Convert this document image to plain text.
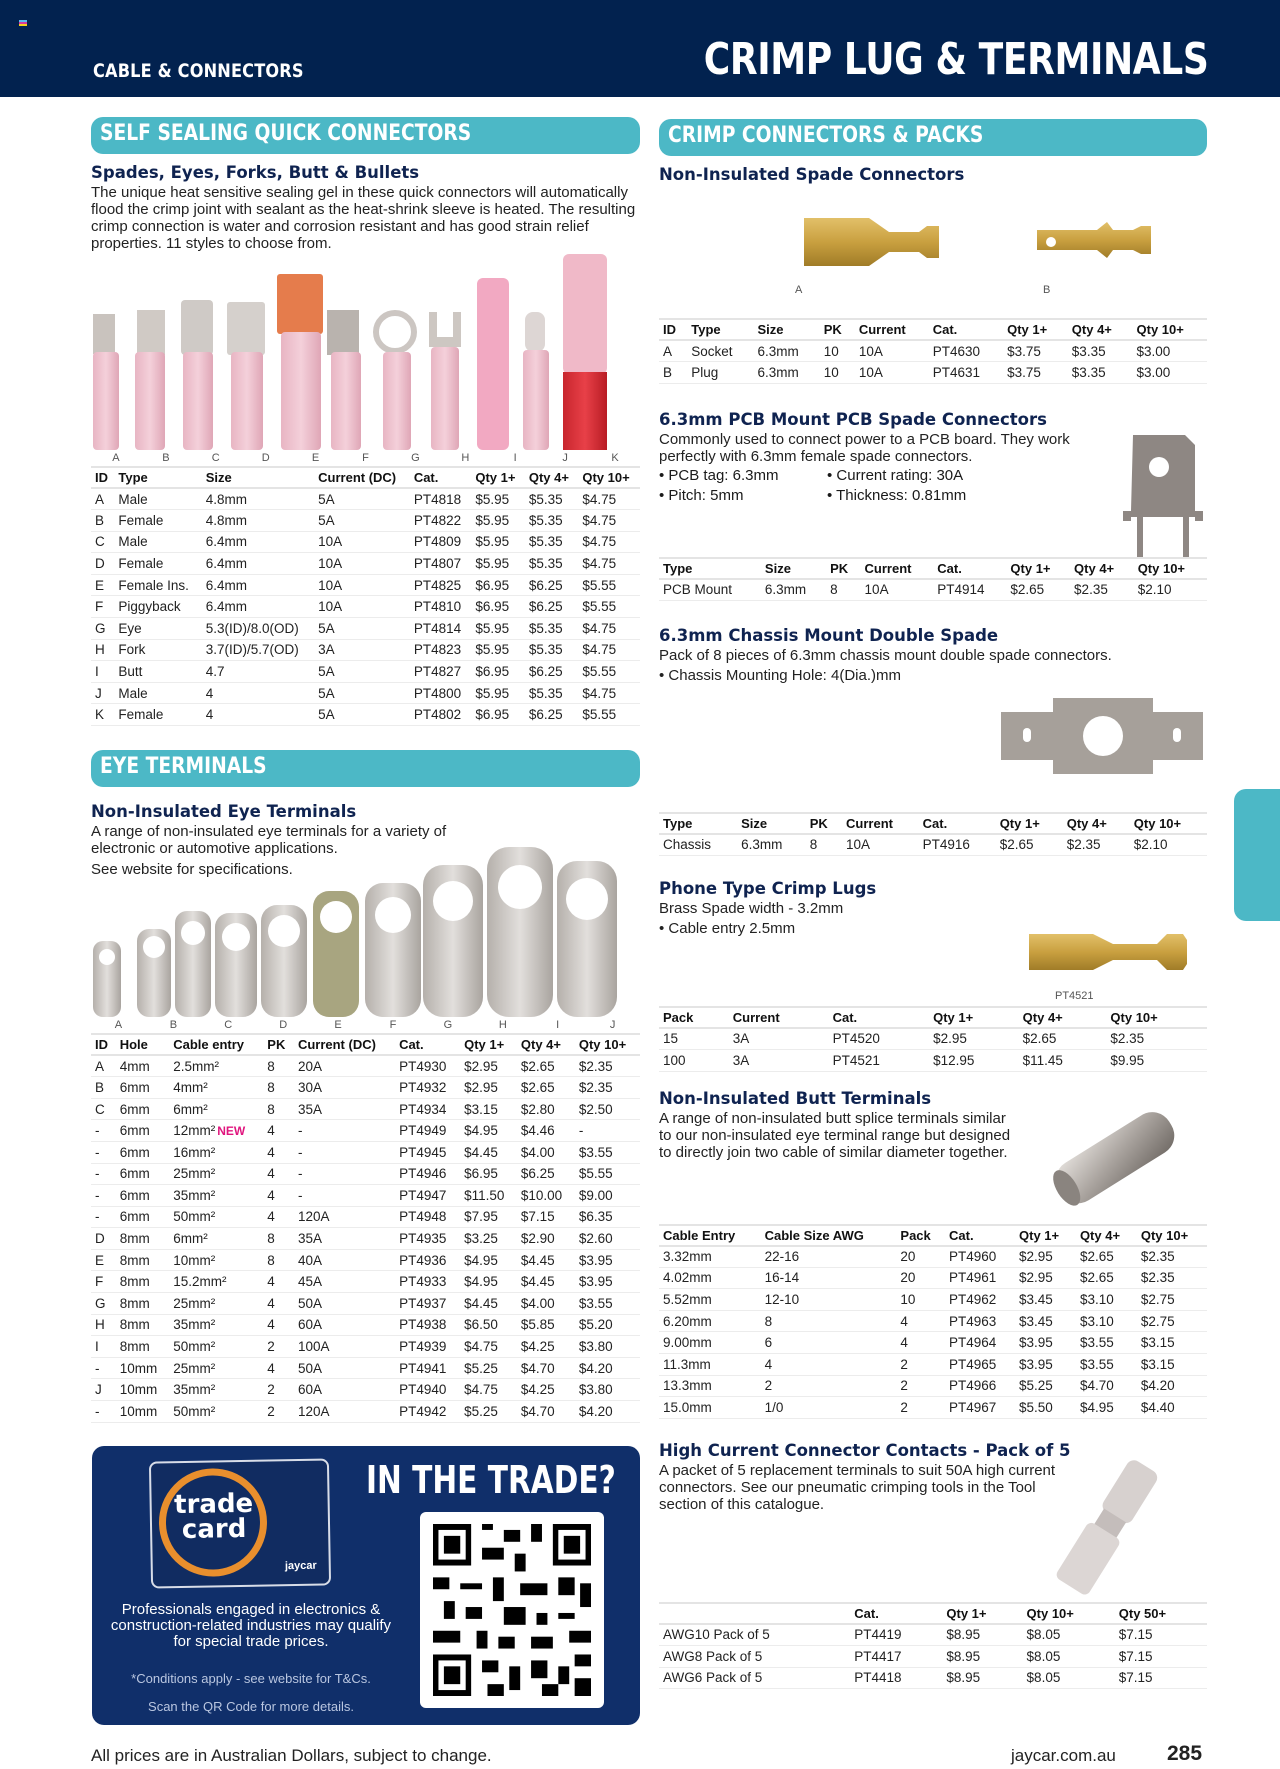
CABLE & CONNECTORS	CRIMP LUG & TERMINALS
SELF SEALING QUICK CONNECTORS
Spades, Eyes, Forks, Butt & Bullets

The unique heat sensitive sealing gel in these quick connectors will automatically flood the crimp joint with sealant as the heat-shrink sleeve is heated. The resulting crimp connection is water and corrosion resistant and has good strain relief properties. 11 styles to choose from.

A	B	C	D	E	F	G	H	I	J	K
ID	Type	Size	Current (DC)	Cat.	Qty 1+	Qty 4+	Qty 10+
A	Male	4.8mm	5A	PT4818	$5.95	$5.35	$4.75
B	Female	4.8mm	5A	PT4822	$5.95	$5.35	$4.75
C	Male	6.4mm	10A	PT4809	$5.95	$5.35	$4.75
D	Female	6.4mm	10A	PT4807	$5.95	$5.35	$4.75
E	Female Ins.	6.4mm	10A	PT4825	$6.95	$6.25	$5.55
F	Piggyback	6.4mm	10A	PT4810	$6.95	$6.25	$5.55
G	Eye	5.3(ID)/8.0(OD)	5A	PT4814	$5.95	$5.35	$4.75
H	Fork	3.7(ID)/5.7(OD)	3A	PT4823	$5.95	$5.35	$4.75
I	Butt	4.7	5A	PT4827	$6.95	$6.25	$5.55
J	Male	4	5A	PT4800	$5.95	$5.35	$4.75
K	Female	4	5A	PT4802	$6.95	$6.25	$5.55
EYE TERMINALS
Non-Insulated Eye Terminals

A range of non-insulated eye terminals for a variety of electronic or automotive applications.

See website for specifications.

A	B	C	D	E	F	G	H	I	J
ID	Hole	Cable entry	PK	Current (DC)	Cat.	Qty 1+	Qty 4+	Qty 10+
A	4mm	2.5mm²	8	20A	PT4930	$2.95	$2.65	$2.35
B	6mm	4mm²	8	30A	PT4932	$2.95	$2.65	$2.35
C	6mm	6mm²	8	35A	PT4934	$3.15	$2.80	$2.50
-	6mm	12mm² NEW	4	-	PT4949	$4.95	$4.46	-
-	6mm	16mm²	4	-	PT4945	$4.45	$4.00	$3.55
-	6mm	25mm²	4	-	PT4946	$6.95	$6.25	$5.55
-	6mm	35mm²	4	-	PT4947	$11.50	$10.00	$9.00
-	6mm	50mm²	4	120A	PT4948	$7.95	$7.15	$6.35
D	8mm	6mm²	8	35A	PT4935	$3.25	$2.90	$2.60
E	8mm	10mm²	8	40A	PT4936	$4.95	$4.45	$3.95
F	8mm	15.2mm²	4	45A	PT4933	$4.95	$4.45	$3.95
G	8mm	25mm²	4	50A	PT4937	$4.45	$4.00	$3.55
H	8mm	35mm²	4	60A	PT4938	$6.50	$5.85	$5.20
I	8mm	50mm²	2	100A	PT4939	$4.75	$4.25	$3.80
-	10mm	25mm²	4	50A	PT4941	$5.25	$4.70	$4.20
J	10mm	35mm²	2	60A	PT4940	$4.75	$4.25	$3.80
-	10mm	50mm²	2	120A	PT4942	$5.25	$4.70	$4.20
trade
card
jaycar
IN THE TRADE?
Professionals engaged in electronics & construction-related industries may qualify for special trade prices.
*Conditions apply - see website for T&Cs.
Scan the QR Code for more details.
CRIMP CONNECTORS & PACKS
Non-Insulated Spade Connectors
A	B
ID	Type	Size	PK	Current	Cat.	Qty 1+	Qty 4+	Qty 10+
A	Socket	6.3mm	10	10A	PT4630	$3.75	$3.35	$3.00
B	Plug	6.3mm	10	10A	PT4631	$3.75	$3.35	$3.00
6.3mm PCB Mount PCB Spade Connectors

Commonly used to connect power to a PCB board. They work perfectly with 6.3mm female spade connectors.

• PCB tag: 6.3mm	• Current rating: 30A
• Pitch: 5mm	• Thickness: 0.81mm
Type	Size	PK	Current	Cat.	Qty 1+	Qty 4+	Qty 10+
PCB Mount	6.3mm	8	10A	PT4914	$2.65	$2.35	$2.10
6.3mm Chassis Mount Double Spade

Pack of 8 pieces of 6.3mm chassis mount double spade connectors.

• Chassis Mounting Hole: 4(Dia.)mm

Type	Size	PK	Current	Cat.	Qty 1+	Qty 4+	Qty 10+
Chassis	6.3mm	8	10A	PT4916	$2.65	$2.35	$2.10
Phone Type Crimp Lugs

Brass Spade width - 3.2mm

• Cable entry 2.5mm

PT4521
Pack	Current	Cat.	Qty 1+	Qty 4+	Qty 10+
15	3A	PT4520	$2.95	$2.65	$2.35
100	3A	PT4521	$12.95	$11.45	$9.95
Non-Insulated Butt Terminals

A range of non-insulated butt splice terminals similar to our non-insulated eye terminal range but designed to directly join two cable of similar diameter together.

Cable Entry	Cable Size AWG	Pack	Cat.	Qty 1+	Qty 4+	Qty 10+
3.32mm	22-16	20	PT4960	$2.95	$2.65	$2.35
4.02mm	16-14	20	PT4961	$2.95	$2.65	$2.35
5.52mm	12-10	10	PT4962	$3.45	$3.10	$2.75
6.20mm	8	4	PT4963	$3.45	$3.10	$2.75
9.00mm	6	4	PT4964	$3.95	$3.55	$3.15
11.3mm	4	2	PT4965	$3.95	$3.55	$3.15
13.3mm	2	2	PT4966	$5.25	$4.70	$4.20
15.0mm	1/0	2	PT4967	$5.50	$4.95	$4.40
High Current Connector Contacts - Pack of 5

A packet of 5 replacement terminals to suit 50A high current connectors. See our pneumatic crimping tools in the Tool section of this catalogue.

	Cat.	Qty 1+	Qty 10+	Qty 50+
AWG10 Pack of 5	PT4419	$8.95	$8.05	$7.15
AWG8 Pack of 5	PT4417	$8.95	$8.05	$7.15
AWG6 Pack of 5	PT4418	$8.95	$8.05	$7.15
All prices are in Australian Dollars, subject to change.	jaycar.com.au 285
